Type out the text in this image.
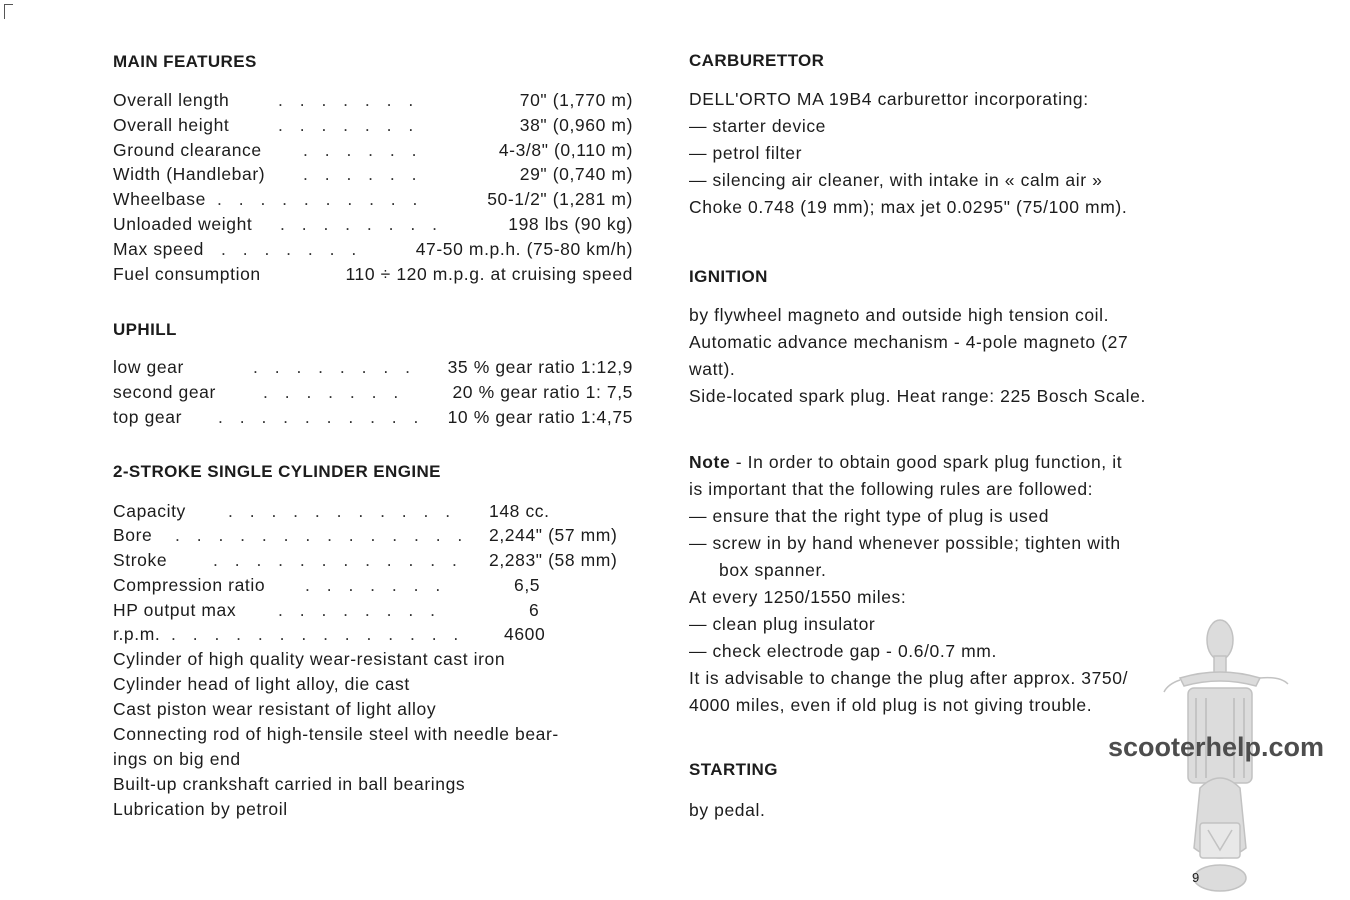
MAIN FEATURES
Overall length	. . . . . . .	70" (1,770 m)
Overall height	. . . . . . .	38" (0,960 m)
Ground clearance . . . . . .	4-3/8" (0,110 m)
Width (Handlebar) . . . . . .	29" (0,740 m)
Wheelbase . . . . . . . . . .	50-1/2" (1,281 m)
Unloaded weight . . . . . . . .	198 lbs (90 kg)
Max speed . . . . . . .	47-50 m.p.h. (75-80 km/h)
Fuel consumption	110 ÷ 120 m.p.g. at cruising speed
UPHILL
low gear	. . . . . . . . 35 % gear ratio 1:12,9
second gear	. . . . . . .	20 % gear ratio 1: 7,5
top gear . . . . . . . . . . 10 % gear ratio 1:4,75
2-STROKE SINGLE CYLINDER ENGINE
Capacity . . . . . . . . . . . 148 cc.
Bore . . . . . . . . . . . . . . 2,244" (57 mm)
Stroke	. . . . . . . . . . . . 2,283" (58 mm)
Compression ratio . . . . . . .	6,5
HP output max . . . . . . . .	6
r.p.m. . . . . . . . . . . . . . . 4600
Cylinder of high quality wear-resistant cast iron
Cylinder head of light alloy, die cast
Cast piston wear resistant of light alloy
Connecting rod of high-tensile steel with needle bear-
ings on big end
Built-up crankshaft carried in ball bearings
Lubrication by petroil
CARBURETTOR
DELL'ORTO MA 19B4 carburettor incorporating:
— starter device
— petrol filter
— silencing air cleaner, with intake in « calm air »
Choke 0.748 (19 mm); max jet 0.0295" (75/100 mm).
IGNITION
by flywheel magneto and outside high tension coil.
Automatic advance mechanism - 4-pole magneto (27
watt).
Side-located spark plug. Heat range: 225 Bosch Scale.
Note - In order to obtain good spark plug function, it
is important that the following rules are followed:
— ensure that the right type of plug is used
— screw in by hand whenever possible; tighten with
box spanner.
At every 1250/1550 miles:
— clean plug insulator
— check electrode gap - 0.6/0.7 mm.
It is advisable to change the plug after approx. 3750/
4000 miles, even if old plug is not giving trouble.
STARTING
by pedal.
scooterhelp.com
9
